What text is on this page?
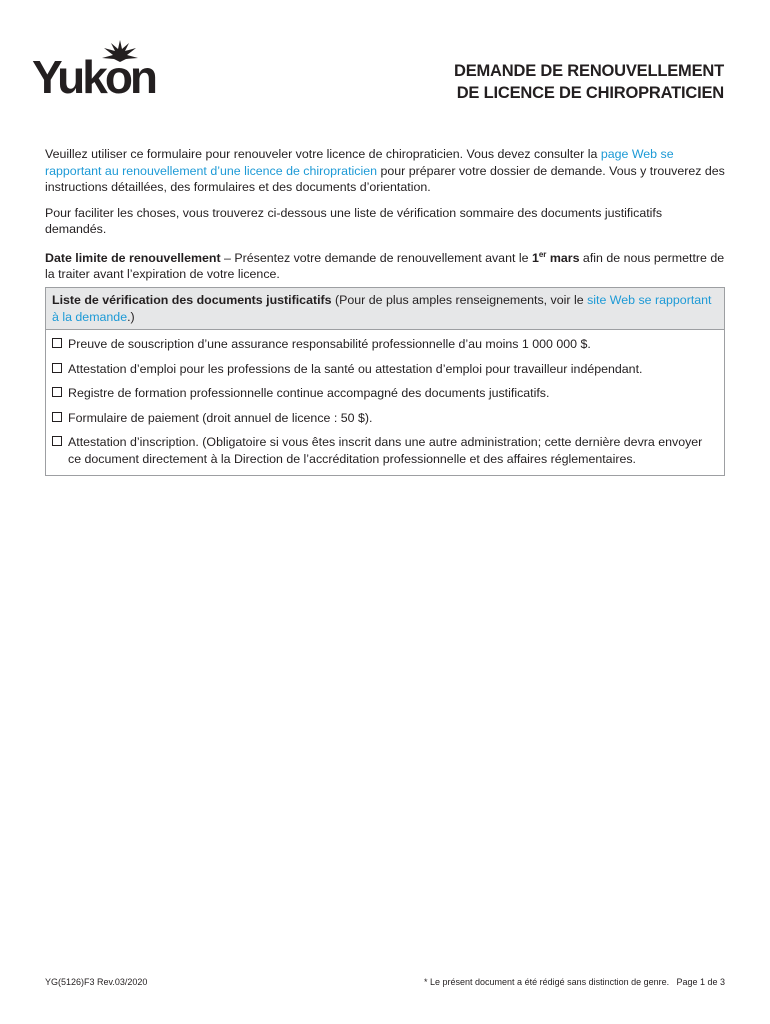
Yukon	DEMANDE DE RENOUVELLEMENT
DE LICENCE DE CHIROPRATICIEN

Veuillez utiliser ce formulaire pour renouveler votre licence de chiropraticien. Vous devez consulter la page Web se rapportant au renouvellement d’une licence de chiropraticien pour préparer votre dossier de demande. Vous y trouverez des instructions détaillées, des formulaires et des documents d’orientation.

Pour faciliter les choses, vous trouverez ci-dessous une liste de vérification sommaire des documents justificatifs demandés.

Date limite de renouvellement – Présentez votre demande de renouvellement avant le 1er mars afin de nous permettre de la traiter avant l’expiration de votre licence.

Liste de vérification des documents justificatifs (Pour de plus amples renseignements, voir le site Web se rapportant à la demande.)
Preuve de souscription d’une assurance responsabilité professionnelle d’au moins 1 000 000 $.
Attestation d’emploi pour les professions de la santé ou attestation d’emploi pour travailleur indépendant.
Registre de formation professionnelle continue accompagné des documents justificatifs.
Formulaire de paiement (droit annuel de licence : 50 $).
Attestation d’inscription. (Obligatoire si vous êtes inscrit dans une autre administration; cette dernière devra envoyer ce document directement à la Direction de l’accréditation professionnelle et des affaires réglementaires.
YG(5126)F3 Rev.03/2020	* Le présent document a été rédigé sans distinction de genre. Page 1 de 3
